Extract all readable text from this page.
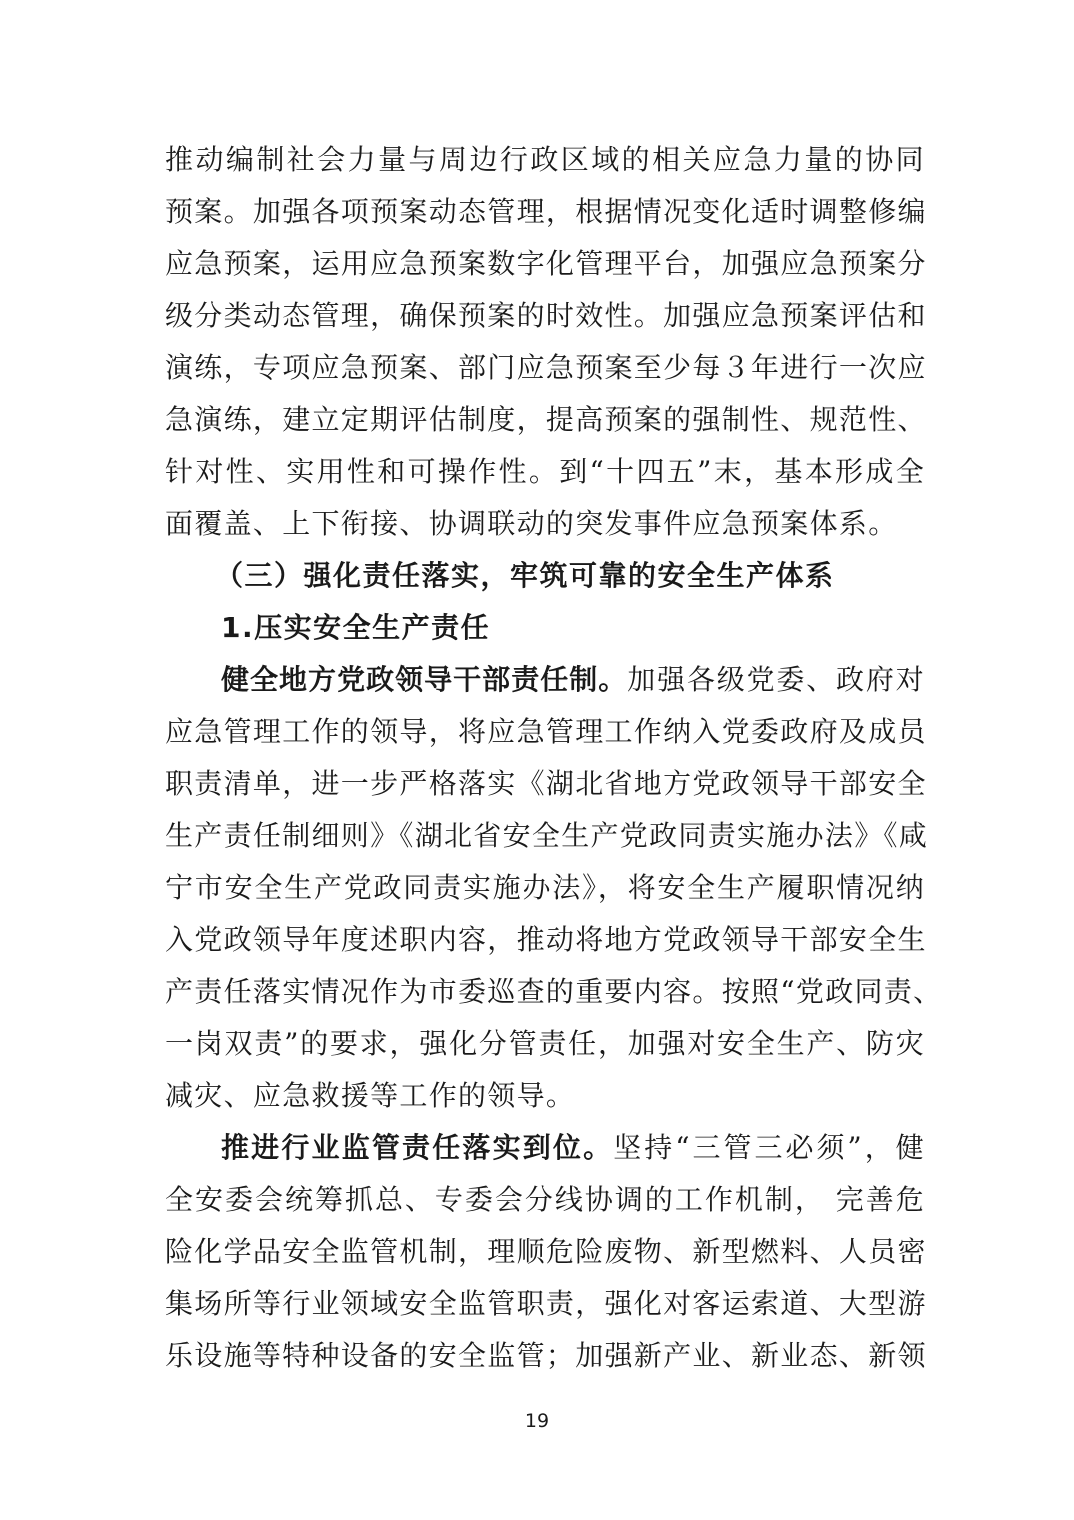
推动编制社会力量与周边行政区域的相关应急力量的协同
预案。加强各项预案动态管理，根据情况变化适时调整修编
应急预案，运用应急预案数字化管理平台，加强应急预案分
级分类动态管理，确保预案的时效性。加强应急预案评估和
演练，专项应急预案、部门应急预案至少每３年进行一次应
急演练，建立定期评估制度，提高预案的强制性、规范性、
针对性、实用性和可操作性。到“十四五”末，基本形成全
面覆盖、上下衔接、协调联动的突发事件应急预案体系。
（三）强化责任落实，牢筑可靠的安全生产体系
1.压实安全生产责任
健全地方党政领导干部责任制。加强各级党委、政府对
应急管理工作的领导，将应急管理工作纳入党委政府及成员
职责清单，进一步严格落实《湖北省地方党政领导干部安全
生产责任制细则》《湖北省安全生产党政同责实施办法》《咸
宁市安全生产党政同责实施办法》，将安全生产履职情况纳
入党政领导年度述职内容，推动将地方党政领导干部安全生
产责任落实情况作为市委巡查的重要内容。按照“党政同责、
一岗双责”的要求，强化分管责任，加强对安全生产、防灾
减灾、应急救援等工作的领导。
推进行业监管责任落实到位。坚持“三管三必须”，健
全安委会统筹抓总、专委会分线协调的工作机制， 完善危
险化学品安全监管机制，理顺危险废物、新型燃料、人员密
集场所等行业领域安全监管职责，强化对客运索道、大型游
乐设施等特种设备的安全监管；加强新产业、新业态、新领
19
